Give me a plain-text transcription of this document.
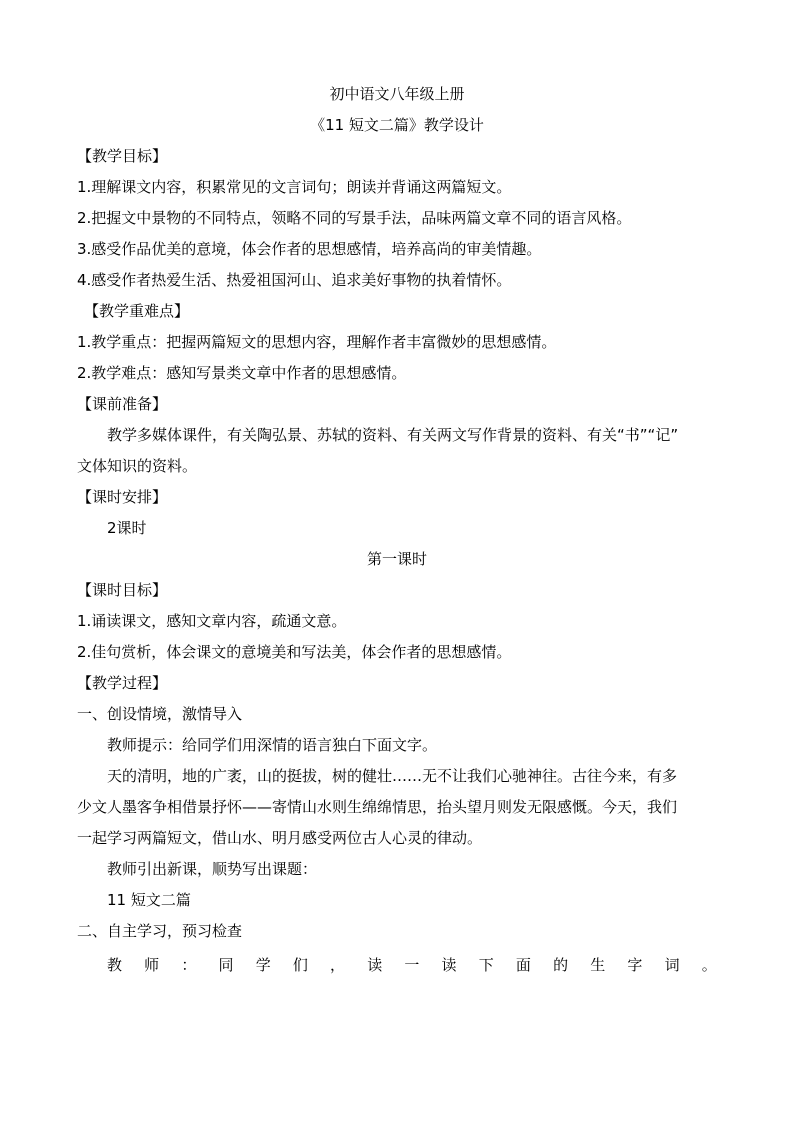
初中语文八年级上册
《11 短文二篇》教学设计
【教学目标】
1.理解课文内容，积累常见的文言词句；朗读并背诵这两篇短文。
2.把握文中景物的不同特点，领略不同的写景手法，品味两篇文章不同的语言风格。
3.感受作品优美的意境，体会作者的思想感情，培养高尚的审美情趣。
4.感受作者热爱生活、热爱祖国河山、追求美好事物的执着情怀。
【教学重难点】
1.教学重点：把握两篇短文的思想内容，理解作者丰富微妙的思想感情。
2.教学难点：感知写景类文章中作者的思想感情。
【课前准备】
教学多媒体课件，有关陶弘景、苏轼的资料、有关两文写作背景的资料、有关“书”“记”
文体知识的资料。
【课时安排】
2课时
第一课时
【课时目标】
1.诵读课文，感知文章内容，疏通文意。
2.佳句赏析，体会课文的意境美和写法美，体会作者的思想感情。
【教学过程】
一、创设情境，激情导入
教师提示：给同学们用深情的语言独白下面文字。
天的清明，地的广袤，山的挺拔，树的健壮……无不让我们心驰神往。古往今来，有多
少文人墨客争相借景抒怀——寄情山水则生绵绵情思，抬头望月则发无限感慨。今天，我们
一起学习两篇短文，借山水、明月感受两位古人心灵的律动。
教师引出新课，顺势写出课题：
11 短文二篇
二、自主学习，预习检查
教 师 ： 同 学 们 ， 读 一 读 下 面 的 生 字 词 。
